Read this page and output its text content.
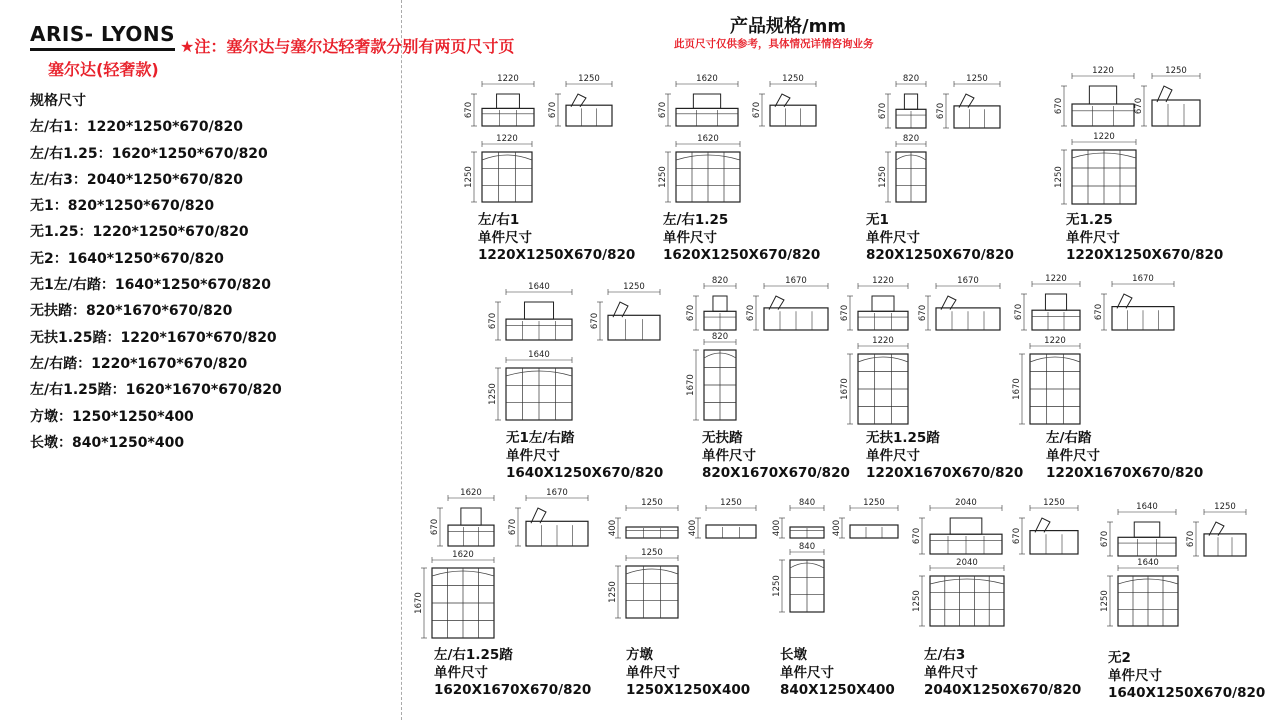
ARIS- LYONS
★注：塞尔达与塞尔达轻奢款分别有两页尺寸页
塞尔达(轻奢款)
规格尺寸
左/右1：1220*1250*670/820
左/右1.25：1620*1250*670/820
左/右3：2040*1250*670/820
无1：820*1250*670/820
无1.25：1220*1250*670/820
无2：1640*1250*670/820
无1左/右踏：1640*1250*670/820
无扶踏：820*1670*670/820
无扶1.25踏：1220*1670*670/820
左/右踏：1220*1670*670/820
左/右1.25踏：1620*1670*670/820
方墩：1250*1250*400
长墩：840*1250*400
产品规格/mm
此页尺寸仅供参考，具体情况详情咨询业务
1220
670
1250
670
1220
1250
1620
670
1250
670
1620
1250
820
670
1250
670
820
1250
1220
670
1250
670
1220
1250
1640
670
1250
670
1640
1250
820
670
1670
670
820
1670
1220
670
1670
670
1220
1670
1220
670
1670
670
1220
1670
1620
670
1670
670
1620
1670
1250
400
1250
400
1250
1250
840
400
1250
400
840
1250
2040
670
1250
670
2040
1250
1640
670
1250
670
1640
1250
左/右1
单件尺寸
1220X1250X670/820
左/右1.25
单件尺寸
1620X1250X670/820
无1
单件尺寸
820X1250X670/820
无1.25
单件尺寸
1220X1250X670/820
无1左/右踏
单件尺寸
1640X1250X670/820
无扶踏
单件尺寸
820X1670X670/820
无扶1.25踏
单件尺寸
1220X1670X670/820
左/右踏
单件尺寸
1220X1670X670/820
左/右1.25踏
单件尺寸
1620X1670X670/820
方墩
单件尺寸
1250X1250X400
长墩
单件尺寸
840X1250X400
左/右3
单件尺寸
2040X1250X670/820
无2
单件尺寸
1640X1250X670/820
